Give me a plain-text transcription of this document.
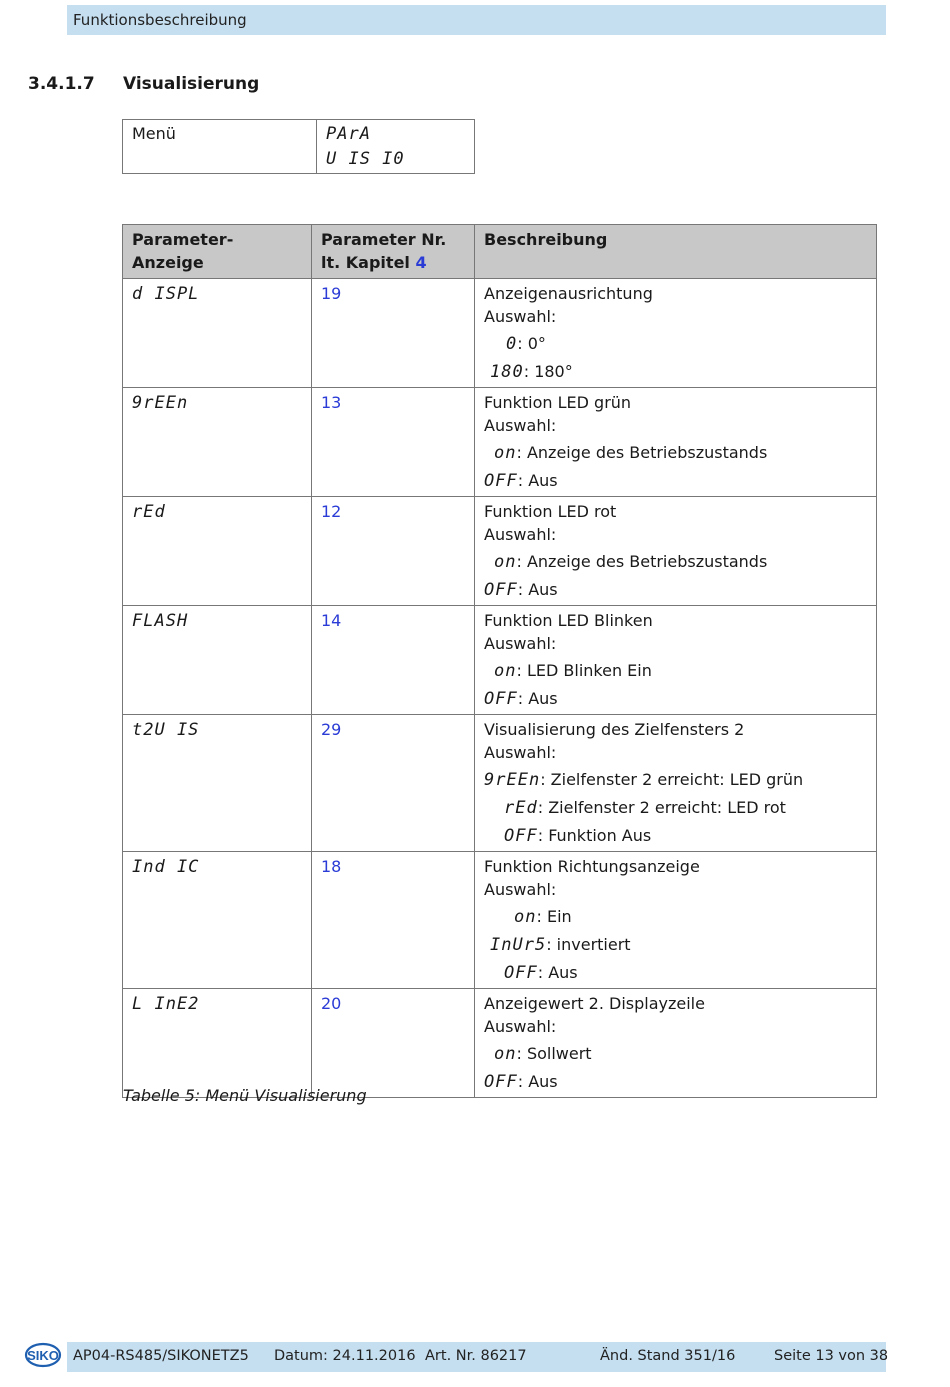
Funktionsbeschreibung
3.4.1.7 Visualisierung
Menü	PArA
U IS I0
Parameter-Anzeige	Parameter Nr. lt. Kapitel 4	Beschreibung
d ISPL	19	Anzeigenausrichtung
Auswahl:
0: 0°
180: 180°

9rEEn	13	Funktion LED grün
Auswahl:
on: Anzeige des Betriebszustands
OFF: Aus

rEd	12	Funktion LED rot
Auswahl:
on: Anzeige des Betriebszustands
OFF: Aus

FLASH	14	Funktion LED Blinken
Auswahl:
on: LED Blinken Ein
OFF: Aus

t2U IS	29	Visualisierung des Zielfensters 2
Auswahl:
9rEEn: Zielfenster 2 erreicht: LED grün
rEd: Zielfenster 2 erreicht: LED rot
OFF: Funktion Aus

Ind IC	18	Funktion Richtungsanzeige
Auswahl:
on: Ein
InUr5: invertiert
OFF: Aus

L InE2	20	Anzeigewert 2. Displayzeile
Auswahl:
on: Sollwert
OFF: Aus
Tabelle 5: Menü Visualisierung
SIKO AP04-RS485/SIKONETZ5 Datum: 24.11.2016 Art. Nr. 86217	Änd. Stand 351/16	Seite 13 von 38
